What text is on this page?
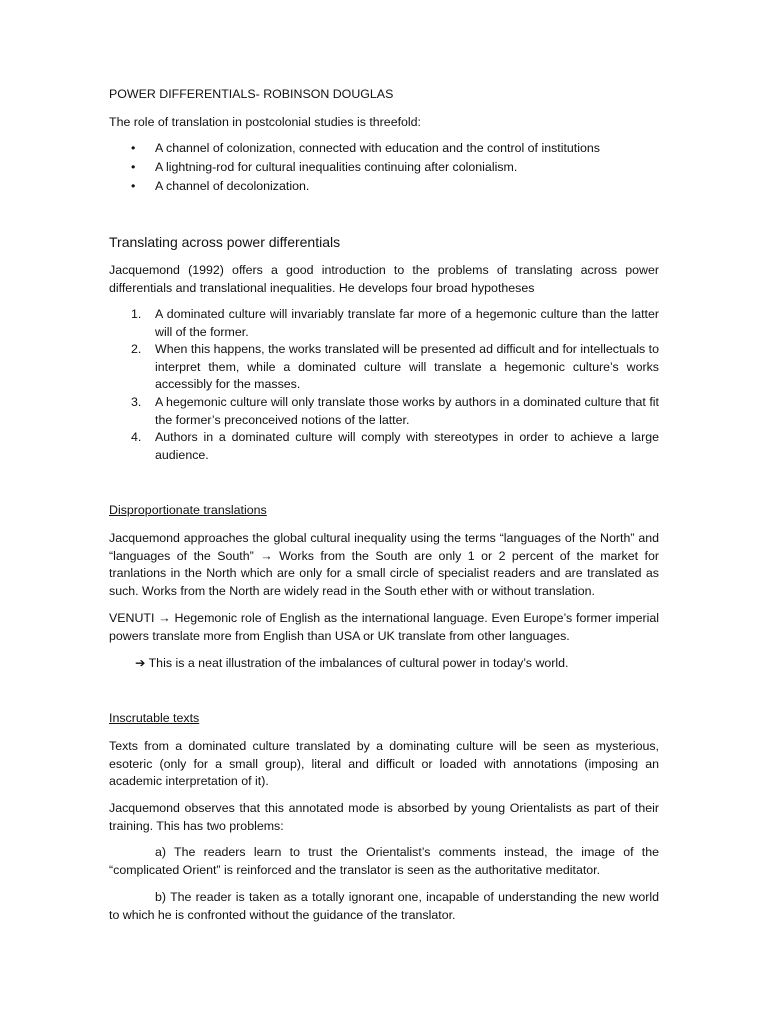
POWER DIFFERENTIALS- ROBINSON DOUGLAS

The role of translation in postcolonial studies is threefold:

• A channel of colonization, connected with education and the control of institutions
• A lightning-rod for cultural inequalities continuing after colonialism.
• A channel of decolonization.

Translating across power differentials

Jacquemond (1992) offers a good introduction to the problems of translating across power differentials and translational inequalities. He develops four broad hypotheses

1. A dominated culture will invariably translate far more of a hegemonic culture than the latter will of the former.
2. When this happens, the works translated will be presented ad difficult and for intellectuals to interpret them, while a dominated culture will translate a hegemonic culture’s works accessibly for the masses.
3. A hegemonic culture will only translate those works by authors in a dominated culture that fit the former’s preconceived notions of the latter.
4. Authors in a dominated culture will comply with stereotypes in order to achieve a large audience.

Disproportionate translations

Jacquemond approaches the global cultural inequality using the terms “languages of the North” and “languages of the South” → Works from the South are only 1 or 2 percent of the market for tranlations in the North which are only for a small circle of specialist readers and are translated as such. Works from the North are widely read in the South ether with or without translation.

VENUTI → Hegemonic role of English as the international language. Even Europe’s former imperial powers translate more from English than USA or UK translate from other languages.

➔ This is a neat illustration of the imbalances of cultural power in today’s world.

Inscrutable texts

Texts from a dominated culture translated by a dominating culture will be seen as mysterious, esoteric (only for a small group), literal and difficult or loaded with annotations (imposing an academic interpretation of it).

Jacquemond observes that this annotated mode is absorbed by young Orientalists as part of their training. This has two problems:

a) The readers learn to trust the Orientalist’s comments instead, the image of the “complicated Orient” is reinforced and the translator is seen as the authoritative meditator.

b) The reader is taken as a totally ignorant one, incapable of understanding the new world to which he is confronted without the guidance of the translator.
